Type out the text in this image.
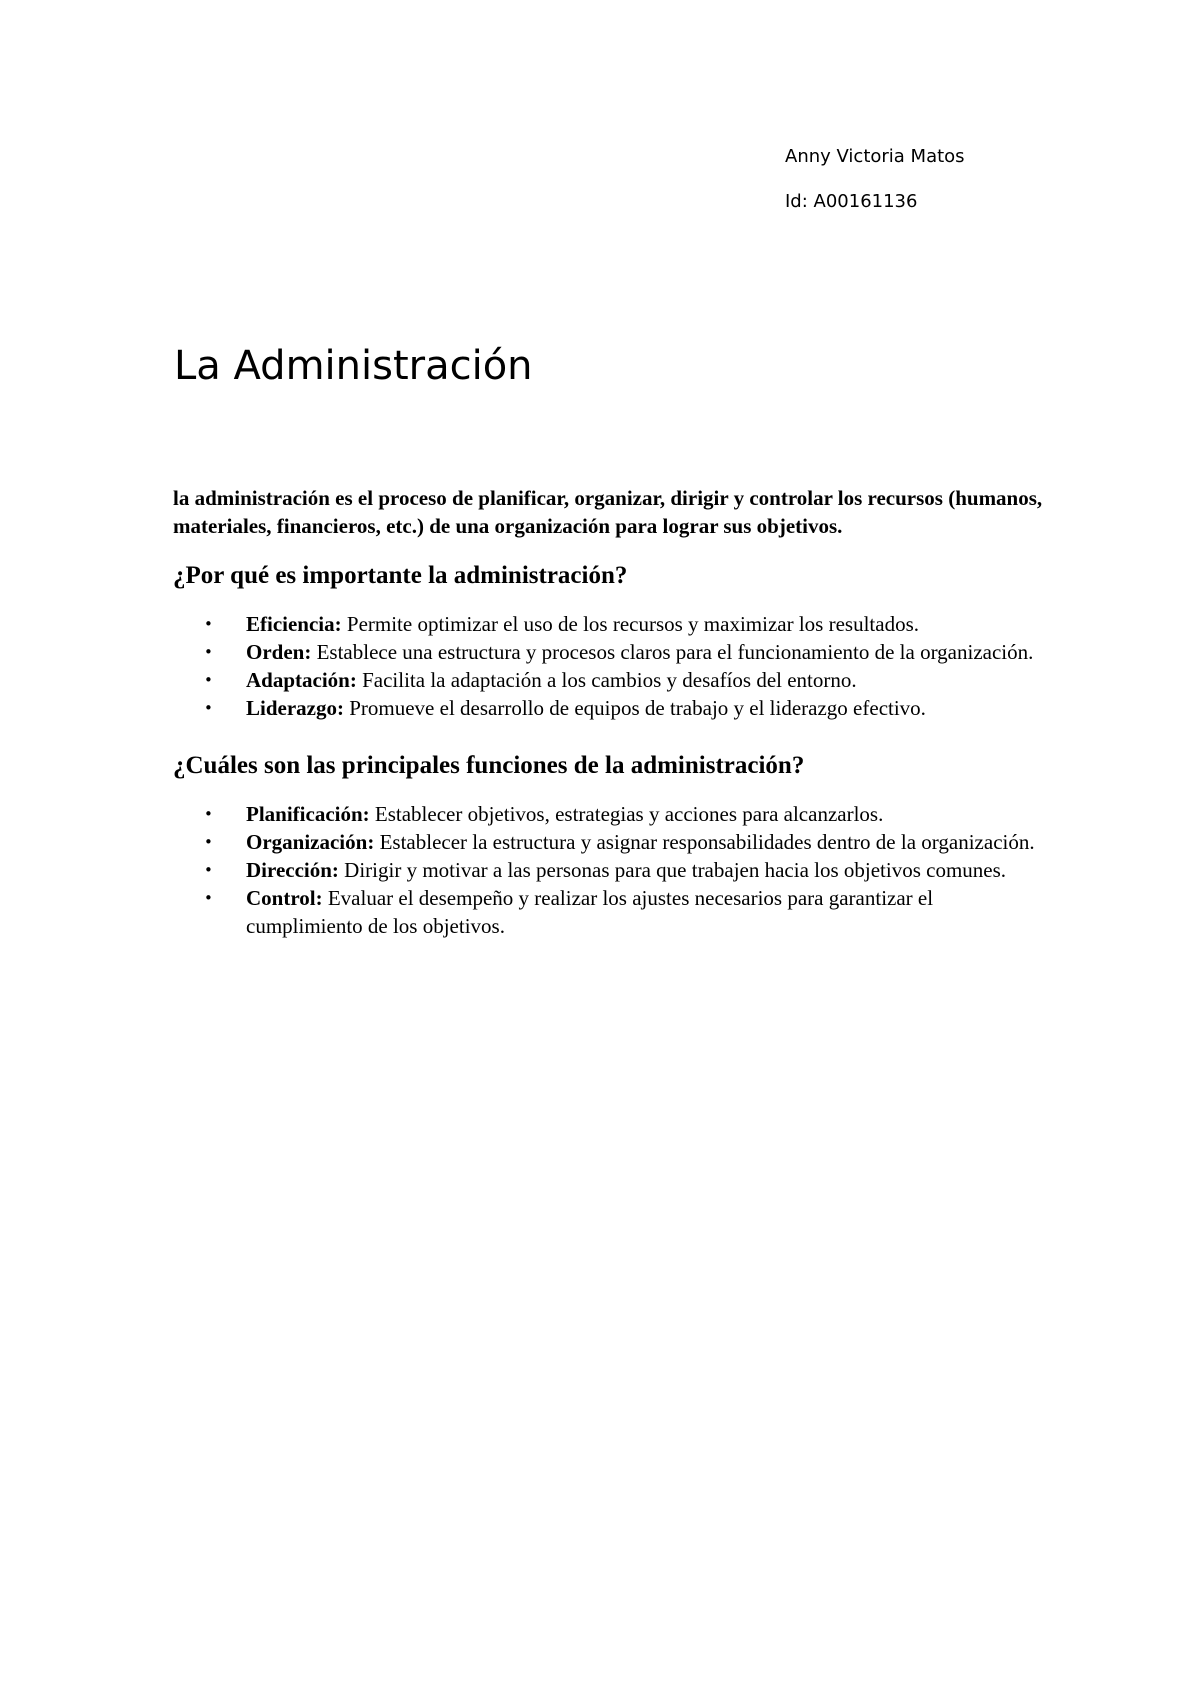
Anny Victoria Matos
Id: A00161136
La Administración

la administración es el proceso de planificar, organizar, dirigir y controlar los recursos (humanos, materiales, financieros, etc.) de una organización para lograr sus objetivos.

¿Por qué es importante la administración?
• Eficiencia: Permite optimizar el uso de los recursos y maximizar los resultados.
• Orden: Establece una estructura y procesos claros para el funcionamiento de la organización.
• Adaptación: Facilita la adaptación a los cambios y desafíos del entorno.
• Liderazgo: Promueve el desarrollo de equipos de trabajo y el liderazgo efectivo.
¿Cuáles son las principales funciones de la administración?
• Planificación: Establecer objetivos, estrategias y acciones para alcanzarlos.
• Organización: Establecer la estructura y asignar responsabilidades dentro de la organización.
• Dirección: Dirigir y motivar a las personas para que trabajen hacia los objetivos comunes.
• Control: Evaluar el desempeño y realizar los ajustes necesarios para garantizar el cumplimiento de los objetivos.
